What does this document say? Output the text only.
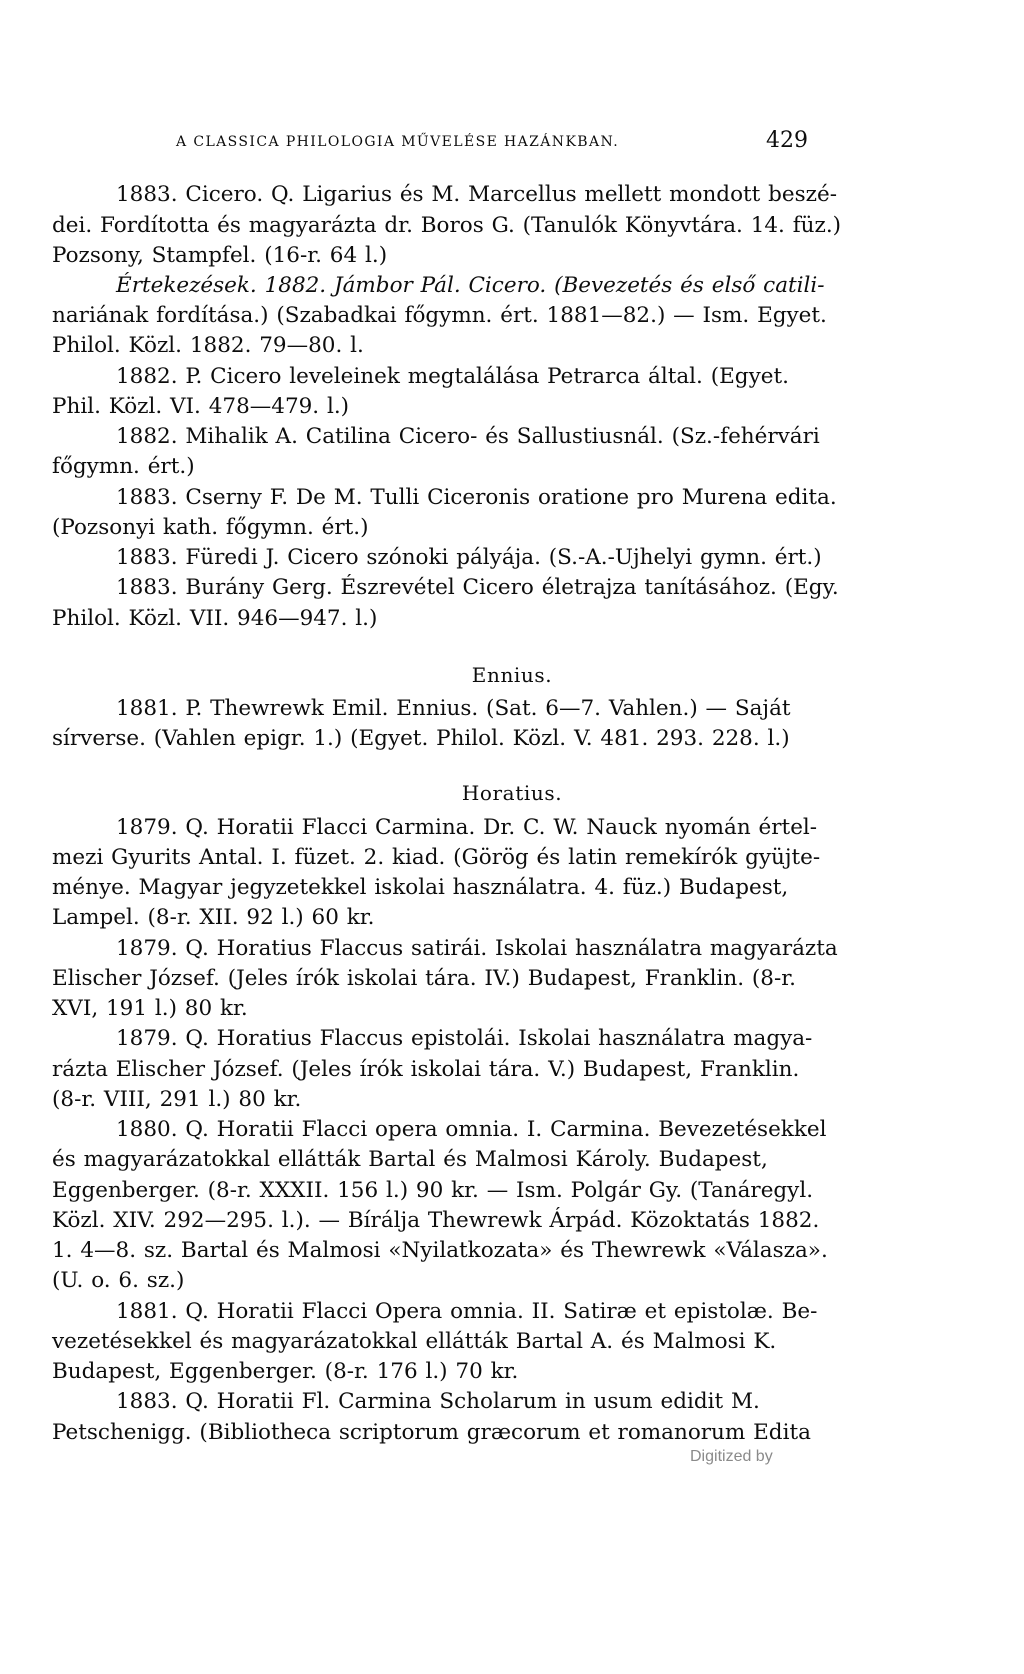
A CLASSICA PHILOLOGIA MŰVELÉSE HAZÁNKBAN.	429
1883. Cicero. Q. Ligarius és M. Marcellus mellett mondott beszé-
dei. Fordította és magyarázta dr. Boros G. (Tanulók Könyvtára. 14. füz.)
Pozsony, Stampfel. (16-r. 64 l.)
Értekezések. 1882. Jámbor Pál. Cicero. (Bevezetés és első catili-
nariának fordítása.) (Szabadkai főgymn. ért. 1881—82.) — Ism. Egyet.
Philol. Közl. 1882. 79—80. l.
1882. P. Cicero leveleinek megtalálása Petrarca által. (Egyet.
Phil. Közl. VI. 478—479. l.)
1882. Mihalik A. Catilina Cicero- és Sallustiusnál. (Sz.-fehérvári
főgymn. ért.)
1883. Cserny F. De M. Tulli Ciceronis oratione pro Murena edita.
(Pozsonyi kath. főgymn. ért.)
1883. Füredi J. Cicero szónoki pályája. (S.-A.-Ujhelyi gymn. ért.)
1883. Burány Gerg. Észrevétel Cicero életrajza tanításához. (Egy.
Philol. Közl. VII. 946—947. l.)
Ennius.
1881. P. Thewrewk Emil. Ennius. (Sat. 6—7. Vahlen.) — Saját
sírverse. (Vahlen epigr. 1.) (Egyet. Philol. Közl. V. 481. 293. 228. l.)
Horatius.
1879. Q. Horatii Flacci Carmina. Dr. C. W. Nauck nyomán értel-
mezi Gyurits Antal. I. füzet. 2. kiad. (Görög és latin remekírók gyüjte-
ménye. Magyar jegyzetekkel iskolai használatra. 4. füz.) Budapest,
Lampel. (8-r. XII. 92 l.) 60 kr.
1879. Q. Horatius Flaccus satirái. Iskolai használatra magyarázta
Elischer József. (Jeles írók iskolai tára. IV.) Budapest, Franklin. (8-r.
XVI, 191 l.) 80 kr.
1879. Q. Horatius Flaccus epistolái. Iskolai használatra magya-
rázta Elischer József. (Jeles írók iskolai tára. V.) Budapest, Franklin.
(8-r. VIII, 291 l.) 80 kr.
1880. Q. Horatii Flacci opera omnia. I. Carmina. Bevezetésekkel
és magyarázatokkal ellátták Bartal és Malmosi Károly. Budapest,
Eggenberger. (8-r. XXXII. 156 l.) 90 kr. — Ism. Polgár Gy. (Tanáregyl.
Közl. XIV. 292—295. l.). — Bírálja Thewrewk Árpád. Közoktatás 1882.
1. 4—8. sz. Bartal és Malmosi «Nyilatkozata» és Thewrewk «Válasza».
(U. o. 6. sz.)
1881. Q. Horatii Flacci Opera omnia. II. Satiræ et epistolæ. Be-
vezetésekkel és magyarázatokkal ellátták Bartal A. és Malmosi K.
Budapest, Eggenberger. (8-r. 176 l.) 70 kr.
1883. Q. Horatii Fl. Carmina Scholarum in usum edidit M.
Petschenigg. (Bibliotheca scriptorum græcorum et romanorum Edita
Digitized by
